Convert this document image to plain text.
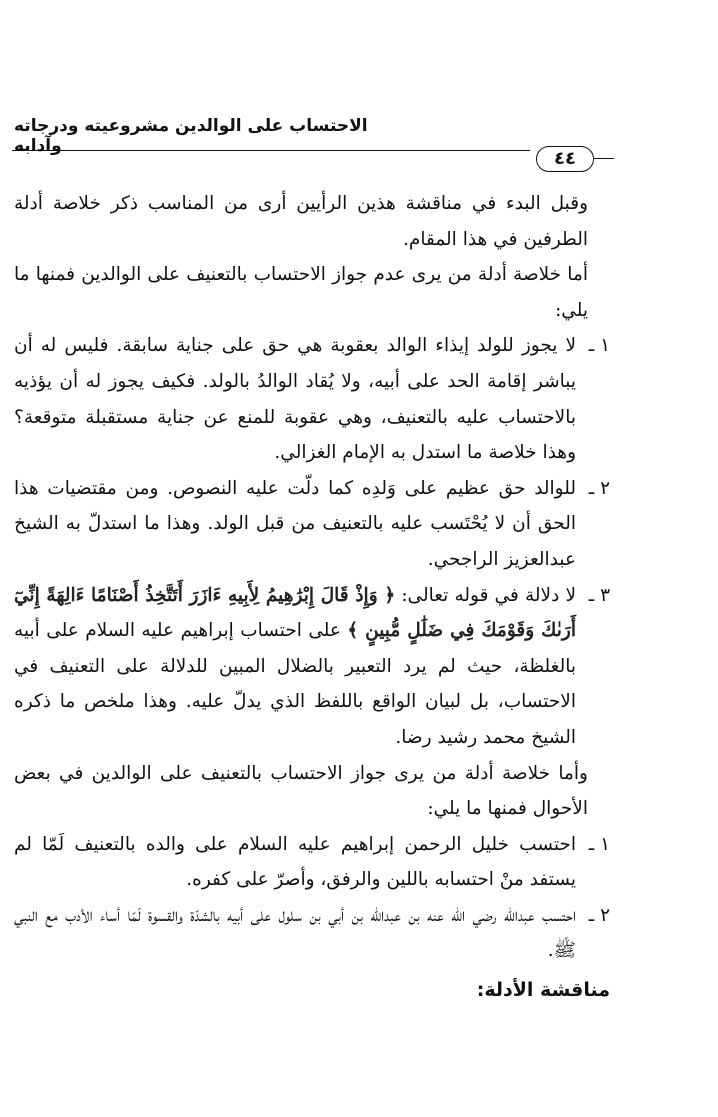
الاحتساب على الوالدين مشروعيته ودرجاته وآدابه
٤٤

وقبل البدء في مناقشة هذين الرأيين أرى من المناسب ذكر خلاصة أدلة الطرفين في هذا المقام.

أما خلاصة أدلة من يرى عدم جواز الاحتساب بالتعنيف على الوالدين فمنها ما يلي:

١ ـ
لا يجوز للولد إيذاء الوالد بعقوبة هي حق على جناية سابقة. فليس له أن يباشر إقامة الحد على أبيه، ولا يُقاد الوالدُ بالولد. فكيف يجوز له أن يؤذيه بالاحتساب عليه بالتعنيف، وهي عقوبة للمنع عن جناية مستقبلة متوقعة؟ وهذا خلاصة ما استدل به الإمام الغزالي.
٢ ـ
للوالد حق عظيم على وَلدِه كما دلّت عليه النصوص. ومن مقتضيات هذا الحق أن لا يُحْتَسب عليه بالتعنيف من قبل الولد. وهذا ما استدلّ به الشيخ عبدالعزيز الراجحي.
٣ ـ
لا دلالة في قوله تعالى: ﴿ وَإِذْ قَالَ إِبْرَٰهِيمُ لِأَبِيهِ ءَازَرَ أَتَتَّخِذُ أَصْنَامًا ءَالِهَةً إِنِّيٓ أَرَىٰكَ وَقَوْمَكَ فِي ضَلَٰلٍ مُّبِينٍ ﴾ على احتساب إبراهيم عليه السلام على أبيه بالغلظة، حيث لم يرد التعبير بالضلال المبين للدلالة على التعنيف في الاحتساب، بل لبيان الواقع باللفظ الذي يدلّ عليه. وهذا ملخص ما ذكره الشيخ محمد رشيد رضا.

وأما خلاصة أدلة من يرى جواز الاحتساب بالتعنيف على الوالدين في بعض الأحوال فمنها ما يلي:

١ ـ
احتسب خليل الرحمن إبراهيم عليه السلام على والده بالتعنيف لَمّا لم يستفد منْ احتسابه باللين والرفق، وأصرّ على كفره.
٢ ـ
احتسب عبدالله رضي الله عنه بن عبدالله بن أبي بن سلول على أبيه بالشدّة والقسوة لَمّا أساء الأدب مع النبي ﷺ.
مناقشة الأدلة:
